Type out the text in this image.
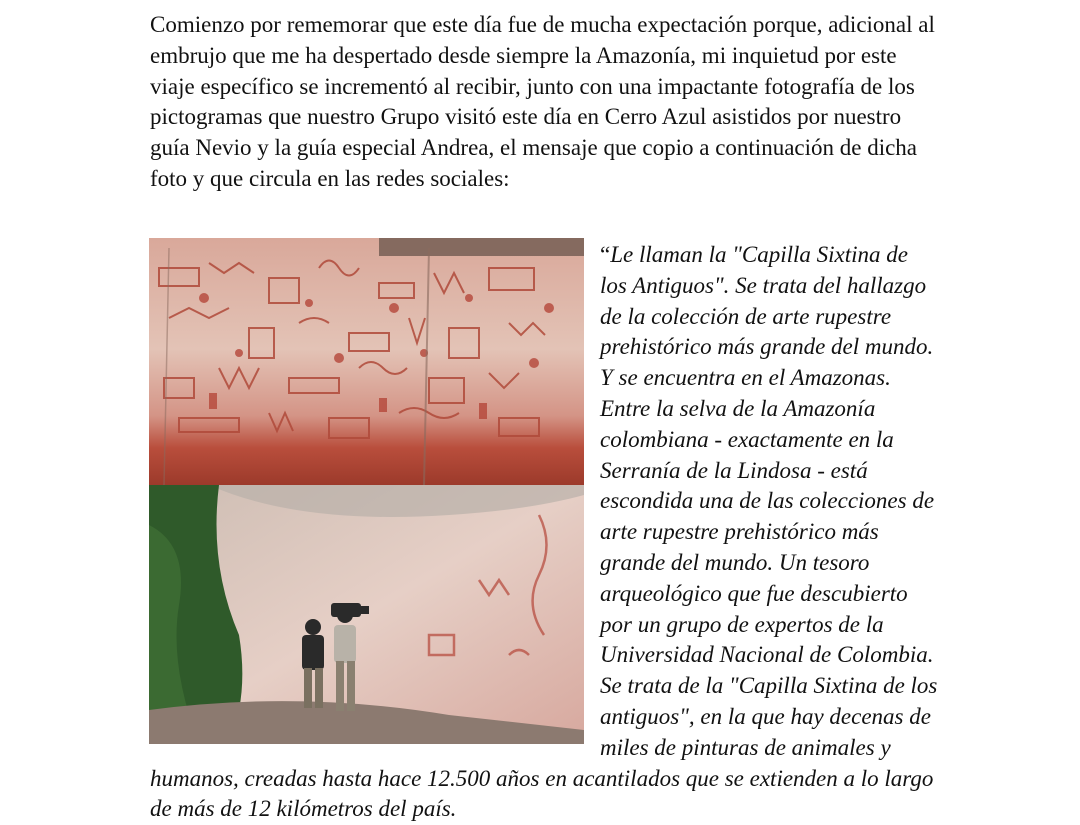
Comienzo por rememorar que este día fue de mucha expectación porque, adicional al embrujo que me ha despertado desde siempre la Amazonía, mi inquietud por este viaje específico se incrementó al recibir, junto con una impactante fotografía de los pictogramas que nuestro Grupo visitó este día en Cerro Azul asistidos por nuestro guía Nevio y la guía especial Andrea, el mensaje que copio a continuación de dicha foto y que circula en las redes sociales:

“Le llaman la "Capilla Sixtina de los Antiguos". Se trata del hallazgo de la colección de arte rupestre prehistórico más grande del mundo. Y se encuentra en el Amazonas. Entre la selva de la Amazonía colombiana - exactamente en la Serranía de la Lindosa - está escondida una de las colecciones de arte rupestre prehistórico más grande del mundo. Un tesoro arqueológico que fue descubierto por un grupo de expertos de la Universidad Nacional de Colombia. Se trata de la "Capilla Sixtina de los antiguos", en la que hay decenas de miles de pinturas de animales y humanos, creadas hasta hace 12.500 años en acantilados que se extienden a lo largo de más de 12 kilómetros del país.
